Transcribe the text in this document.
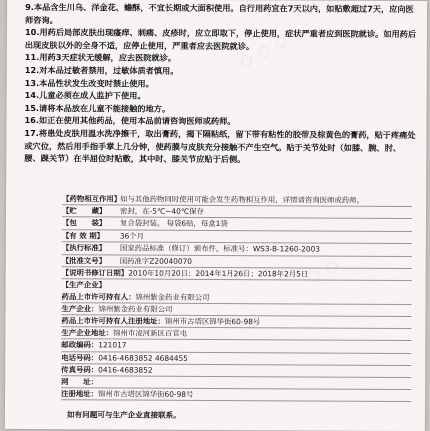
◇ ◇ ◇
◇ ◇

9.本品含生川乌、洋金花、蟾酥，不宜长期或大面积使用。自行用药宜在7天以内，如贴敷超过7天，应向医师咨询。

10.用药后局部皮肤出现瘙痒、刺痛、皮疹时，应立即取下，停止使用，症状严重者应到医院就诊。如用药后出现皮肤以外的全身不适，应停止使用，严重者应去医院就诊。

11.用药3天症状无缓解，应去医院就诊。

12.对本品过敏者禁用，过敏体质者慎用。

13.本品性状发生改变时禁止使用。

14.儿童必须在成人监护下使用。

15.请将本品放在儿童不能接触的地方。

16.如正在使用其他药品，使用本品前请咨询医师或药师。

17.将患处皮肤用温水洗净擦干，取出膏药，揭下隔粘纸，留下带有粘性的胶带及棕黄色的膏药，贴于疼痛处或穴位，然后用手指手掌上几分钟，使药膜与皮肤充分接触不产生空气。贴于关节处时（如膝、腕、肘、腰、踝关节）在半屈位时贴敷，其中时、膝关节应贴于后侧。

【药物相互作用】
如与其他药物同时使用可能会发生药物相互作用，详情请咨询医师或药师。
【贮　　藏】 密封，在-5℃~40℃保存
【包　　装】 复合袋封装。 每袋6贴，每盒1袋
【有 效 期】 36个月
【执行标准】 国家药品标准（修订）颁布件，标准号：WS3-B-1260-2003
【批准文号】 国药准字Z20040070
【说明书修订日期】2010年10月20日；2014年1月26日；2018年2月5日
【生产企业】
药品上市许可持有人：锦州紫金药业有限公司
生产企业：锦州紫金药业有限公司
药品上市许可持有人注册地址：锦州市古塔区锦华街60-98号
生产企业地址：锦州市凌河新区百官屯
邮政编码：121017
电话号码：0416-4683852 4684455
传真号码：0416-4683852
网　　址：
注册地址：锦州市古塔区锦华街60-98号
如有问题可与生产企业直接联系。
